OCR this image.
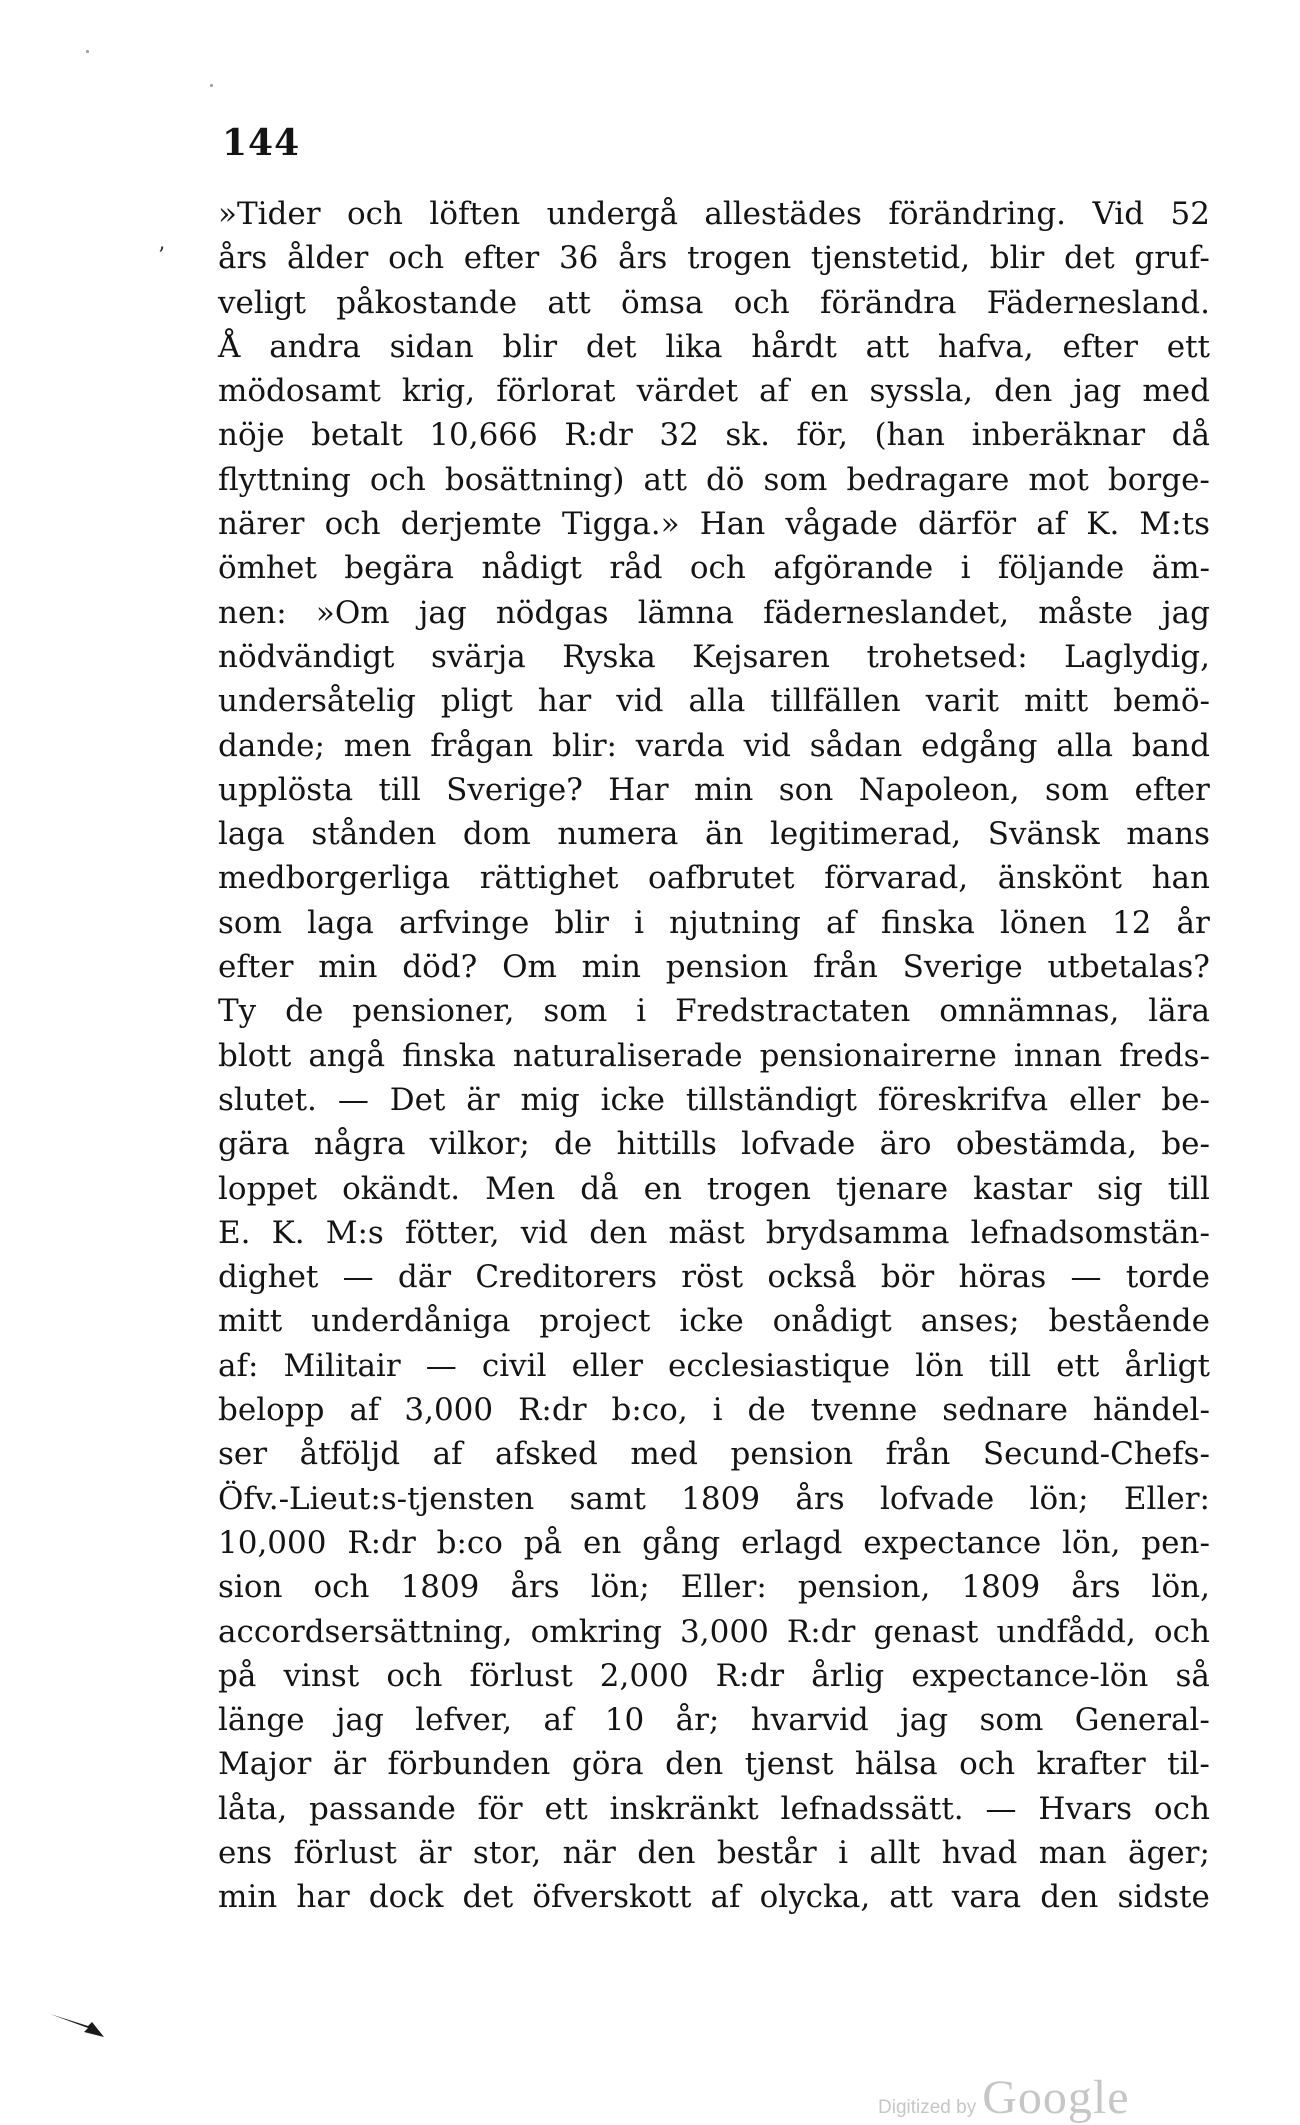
144
’
»Tider och löften undergå allestädes förändring. Vid 52
års ålder och efter 36 års trogen tjenstetid, blir det gruf-
veligt påkostande att ömsa och förändra Fädernesland.
Å andra sidan blir det lika hårdt att hafva, efter ett
mödosamt krig, förlorat värdet af en syssla, den jag med
nöje betalt 10,666 R:dr 32 sk. för, (han inberäknar då
flyttning och bosättning) att dö som bedragare mot borge-
närer och derjemte Tigga.» Han vågade därför af K. M:ts
ömhet begära nådigt råd och afgörande i följande äm-
nen: »Om jag nödgas lämna fäderneslandet, måste jag
nödvändigt svärja Ryska Kejsaren trohetsed: Laglydig,
undersåtelig pligt har vid alla tillfällen varit mitt bemö-
dande; men frågan blir: varda vid sådan edgång alla band
upplösta till Sverige? Har min son Napoleon, som efter
laga stånden dom numera än legitimerad, Svänsk mans
medborgerliga rättighet oafbrutet förvarad, änskönt han
som laga arfvinge blir i njutning af finska lönen 12 år
efter min död? Om min pension från Sverige utbetalas?
Ty de pensioner, som i Fredstractaten omnämnas, lära
blott angå finska naturaliserade pensionairerne innan freds-
slutet. — Det är mig icke tillständigt föreskrifva eller be-
gära några vilkor; de hittills lofvade äro obestämda, be-
loppet okändt. Men då en trogen tjenare kastar sig till
E. K. M:s fötter, vid den mäst brydsamma lefnadsomstän-
dighet — där Creditorers röst också bör höras — torde
mitt underdåniga project icke onådigt anses; bestående
af: Militair — civil eller ecclesiastique lön till ett årligt
belopp af 3,000 R:dr b:co, i de tvenne sednare händel-
ser åtföljd af afsked med pension från Secund-Chefs-
Öfv.-Lieut:s-tjensten samt 1809 års lofvade lön; Eller:
10,000 R:dr b:co på en gång erlagd expectance lön, pen-
sion och 1809 års lön; Eller: pension, 1809 års lön,
accordsersättning, omkring 3,000 R:dr genast undfådd, och
på vinst och förlust 2,000 R:dr årlig expectance-lön så
länge jag lefver, af 10 år; hvarvid jag som General-
Major är förbunden göra den tjenst hälsa och krafter til-
låta, passande för ett inskränkt lefnadssätt. — Hvars och
ens förlust är stor, när den består i allt hvad man äger;
min har dock det öfverskott af olycka, att vara den sidste
Digitized by Google
